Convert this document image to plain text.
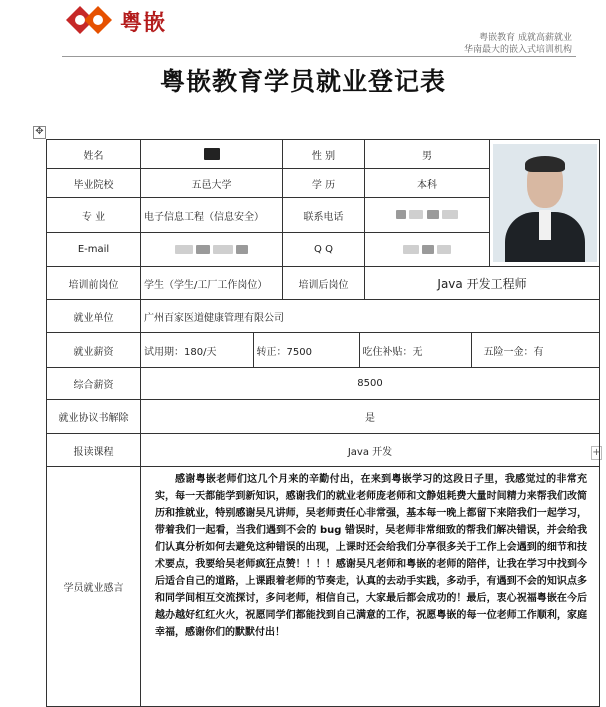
粤嵌
粤嵌教育 成就高薪就业
华南最大的嵌入式培训机构
粤嵌教育学员就业登记表
✥
+
姓名		性 别	男	

毕业院校	五邑大学	学 历	本科
专 业	电子信息工程（信息安全）	联系电话	
E-mail		Q Q	
培训前岗位	学生（学生/工厂工作岗位）	培训后岗位	Java 开发工程师
就业单位	广州百家医道健康管理有限公司
就业薪资		试用期：180/天	转正：7500	吃住补贴：无	五险一金：有

综合薪资	8500
就业协议书解除	是
报读课程	Java 开发
学员就业感言	
感谢粤嵌老师们这几个月来的辛勤付出，在来到粤嵌学习的这段日子里，我感觉过的非常充实，每一天都能学到新知识，感谢我们的就业老师庞老师和文静姐耗费大量时间精力来帮我们改简历和推就业，特别感谢吴凡讲师，吴老师责任心非常强，基本每一晚上都留下来陪我们一起学习，带着我们一起看，当我们遇到不会的 bug 错误时，吴老师非常细致的帮我们解决错误，并会给我们认真分析如何去避免这种错误的出现，上课时还会给我们分享很多关于工作上会遇到的细节和技术要点，我要给吴老师疯狂点赞！！！！感谢吴凡老师和粤嵌的老师的陪伴，让我在学习中找到今后适合自己的道路，上课跟着老师的节奏走，认真的去动手实践，多动手，有遇到不会的知识点多和同学间相互交流探讨，多问老师，相信自己，大家最后都会成功的！最后，衷心祝福粤嵌在今后越办越好红红火火，祝愿同学们都能找到自己满意的工作，祝愿粤嵌的每一位老师工作顺利，家庭幸福，感谢你们的默默付出！
